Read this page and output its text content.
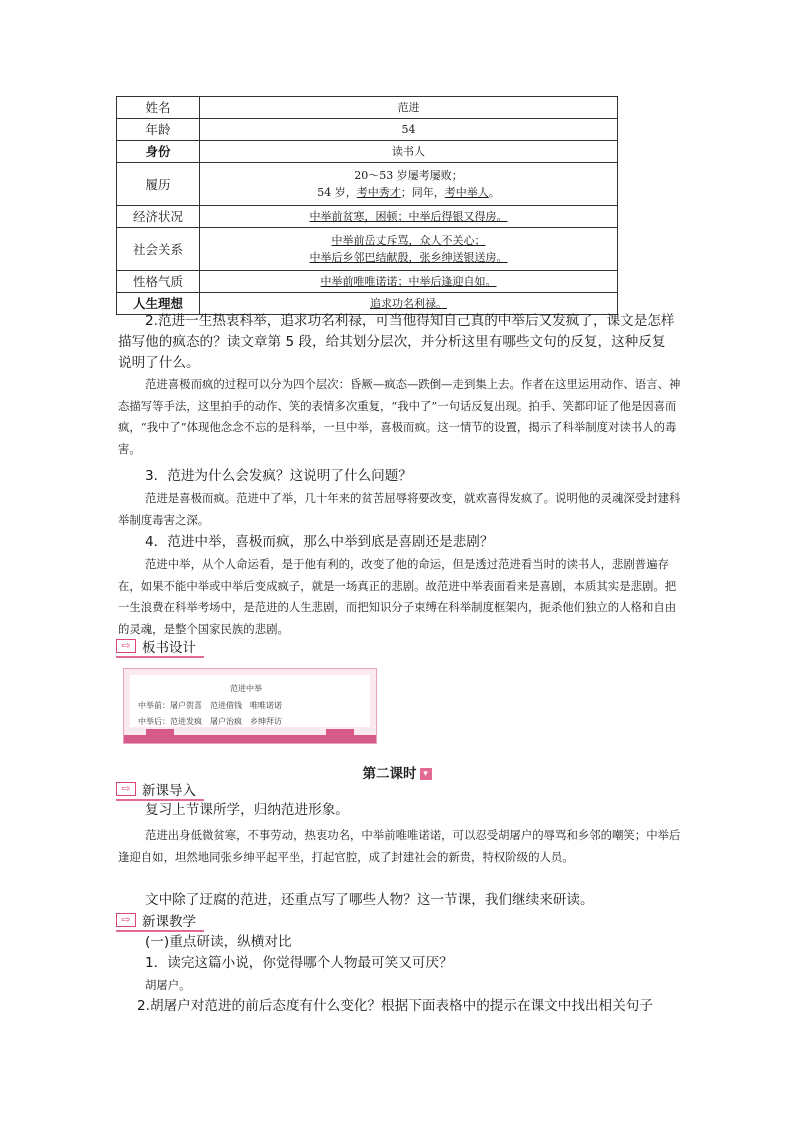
姓名	范进
年龄	54
身份	读书人
履历	20～53 岁屡考屡败；
54 岁，考中秀才；同年，考中举人。

经济状况	中举前贫寒，困顿；中举后得银又得房。
社会关系	中举前岳丈斥骂，众人不关心；
中举后乡邻巴结献殷，张乡绅送银送房。

性格气质	中举前唯唯诺诺；中举后逢迎自如。
人生理想	追求功名利禄。
2.范进一生热衷科举，追求功名利禄，可当他得知自己真的中举后又发疯了，课文是怎样描写他的疯态的？读文章第 5 段，给其划分层次，并分析这里有哪些文句的反复，这种反复说明了什么。
范进喜极而疯的过程可以分为四个层次：昏厥—疯态—跌倒—走到集上去。作者在这里运用动作、语言、神态描写等手法，这里拍手的动作、笑的表情多次重复，“我中了”一句话反复出现。拍手、笑都印证了他是因喜而疯，“我中了”体现他念念不忘的是科举，一旦中举，喜极而疯。这一情节的设置，揭示了科举制度对读书人的毒害。
3．范进为什么会发疯？这说明了什么问题？
范进是喜极而疯。范进中了举，几十年来的贫苦屈辱将要改变，就欢喜得发疯了。说明他的灵魂深受封建科举制度毒害之深。
4．范进中举，喜极而疯，那么中举到底是喜剧还是悲剧？
范进中举，从个人命运看，是于他有利的，改变了他的命运，但是透过范进看当时的读书人，悲剧普遍存在，如果不能中举或中举后变成疯子，就是一场真正的悲剧。故范进中举表面看来是喜剧，本质其实是悲剧。把一生浪费在科举考场中，是范进的人生悲剧，而把知识分子束缚在科举制度框架内，扼杀他们独立的人格和自由的灵魂，是整个国家民族的悲剧。
⇨ 板书设计
范进中举
中举前：屠户贺喜　范进借钱　唯唯诺诺
中举后：范进发疯　屠户治疯　乡绅拜访
第二课时 ▾
⇨ 新课导入
复习上节课所学，归纳范进形象。
范进出身低微贫寒，不事劳动，热衷功名，中举前唯唯诺诺，可以忍受胡屠户的辱骂和乡邻的嘲笑；中举后逢迎自如，坦然地同张乡绅平起平坐，打起官腔，成了封建社会的新贵，特权阶级的人员。
文中除了迂腐的范进，还重点写了哪些人物？这一节课，我们继续来研读。
⇨ 新课教学
(一)重点研读，纵横对比
1．读完这篇小说，你觉得哪个人物最可笑又可厌？
胡屠户。
2.胡屠户对范进的前后态度有什么变化？根据下面表格中的提示在课文中找出相关句子
